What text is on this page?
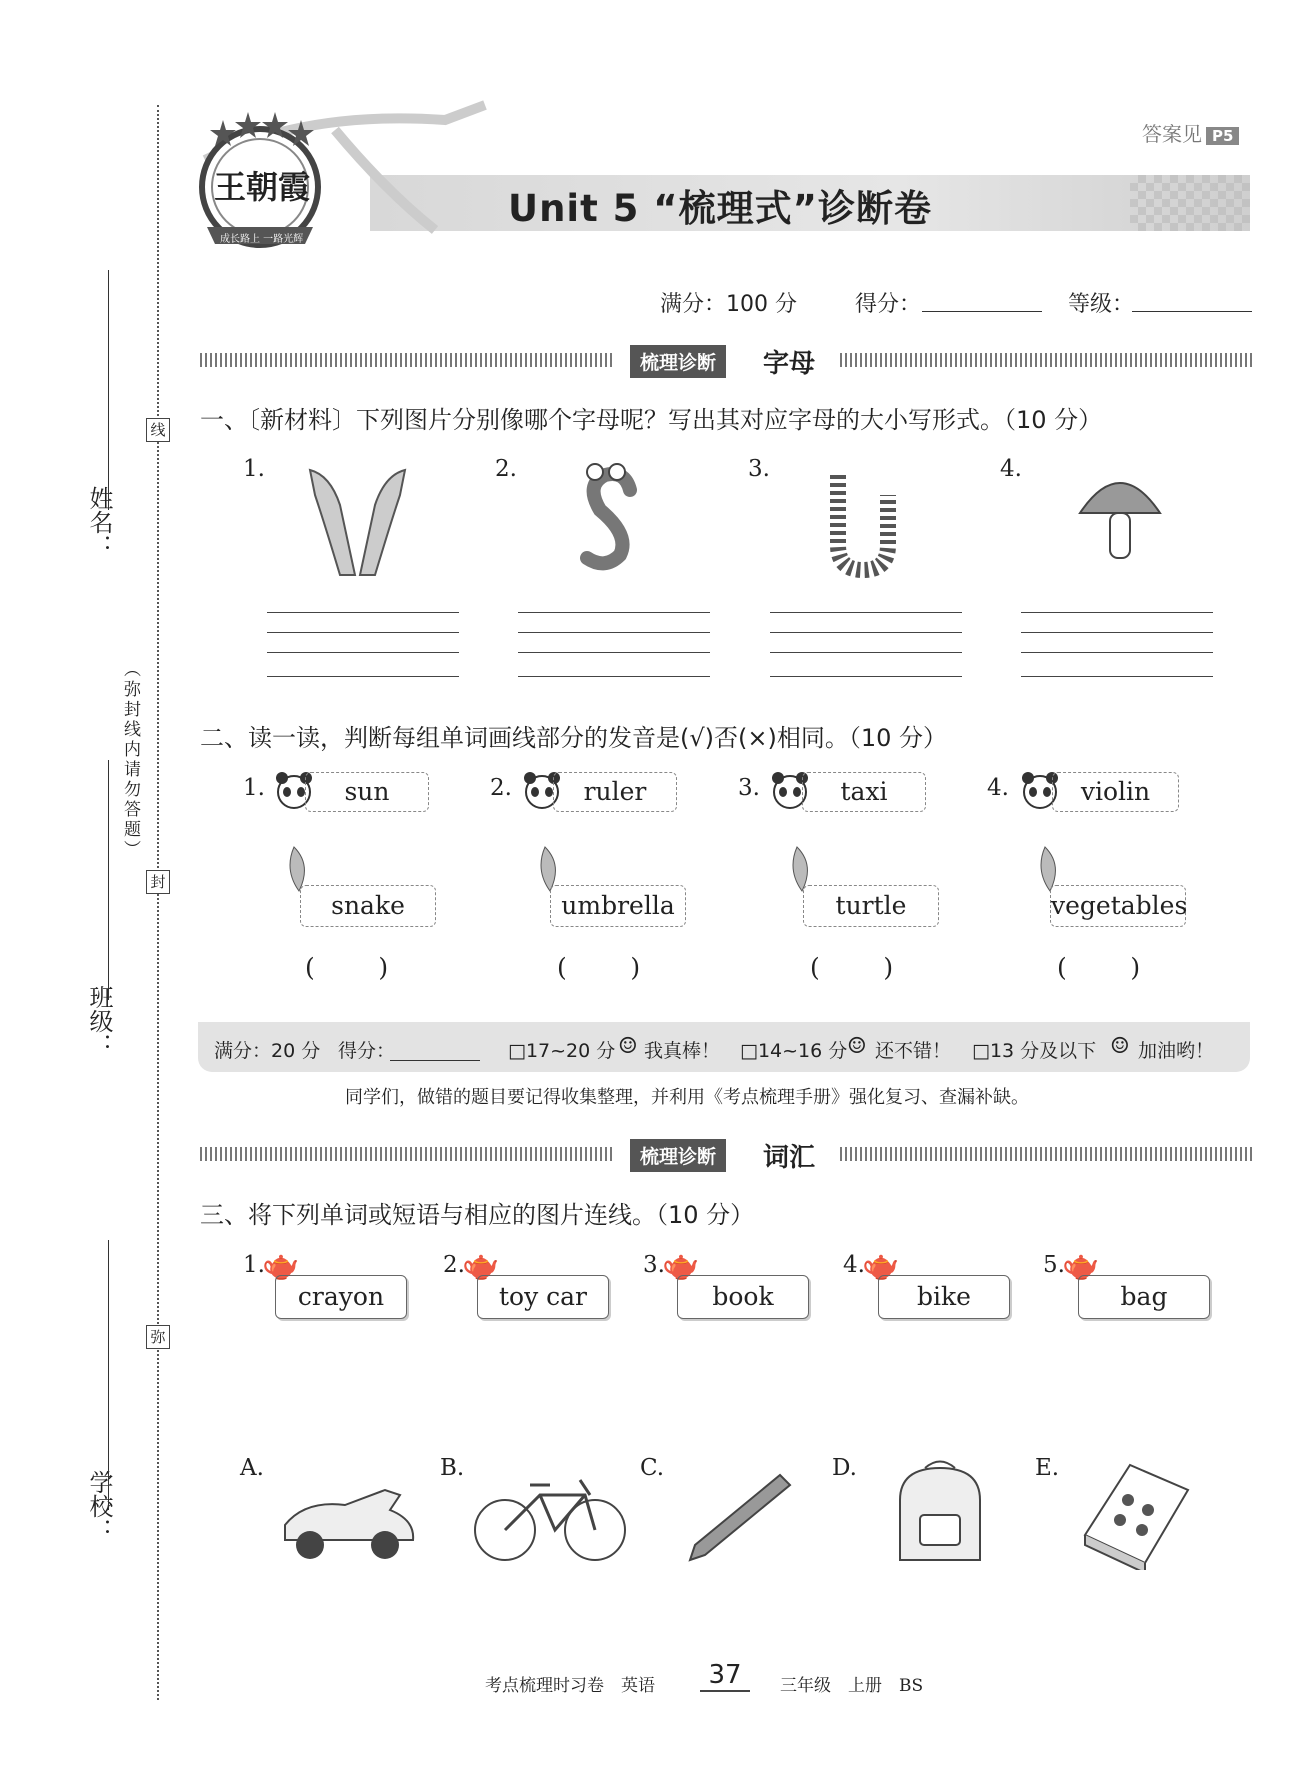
姓名：
线
（弥封线内请勿答题）
封
班级：
弥
学校：
王朝霞
成长路上 一路光辉
答案见 P5
Unit 5 “梳理式”诊断卷
满分：100 分	得分：	等级：
梳理诊断	字母
一、〔新材料〕下列图片分别像哪个字母呢？写出其对应字母的大小写形式。（10 分）
1.	2.	3.	4.
二、读一读，判断每组单词画线部分的发音是(√)否(×)相同。（10 分）
1.	sun
snake
(        )
2.	ruler
umbrella
(        )
3.	taxi
turtle
(        )
4.	violin
vegetables
(        )
满分：20 分 得分：	□17~20 分 ☺ 我真棒！ □14~16 分 ☺ 还不错！ □13 分及以下 ☺ 加油哟！
同学们，做错的题目要记得收集整理，并利用《考点梳理手册》强化复习、查漏补缺。
梳理诊断	词汇
三、将下列单词或短语与相应的图片连线。（10 分）
1.
🫖
crayon
2.
🫖
toy car
3.
🫖
book
4.
🫖
bike
5.
🫖
bag
A.	B.	C.	D.	E.
考点梳理时习卷　英语	37	三年级　上册　BS
